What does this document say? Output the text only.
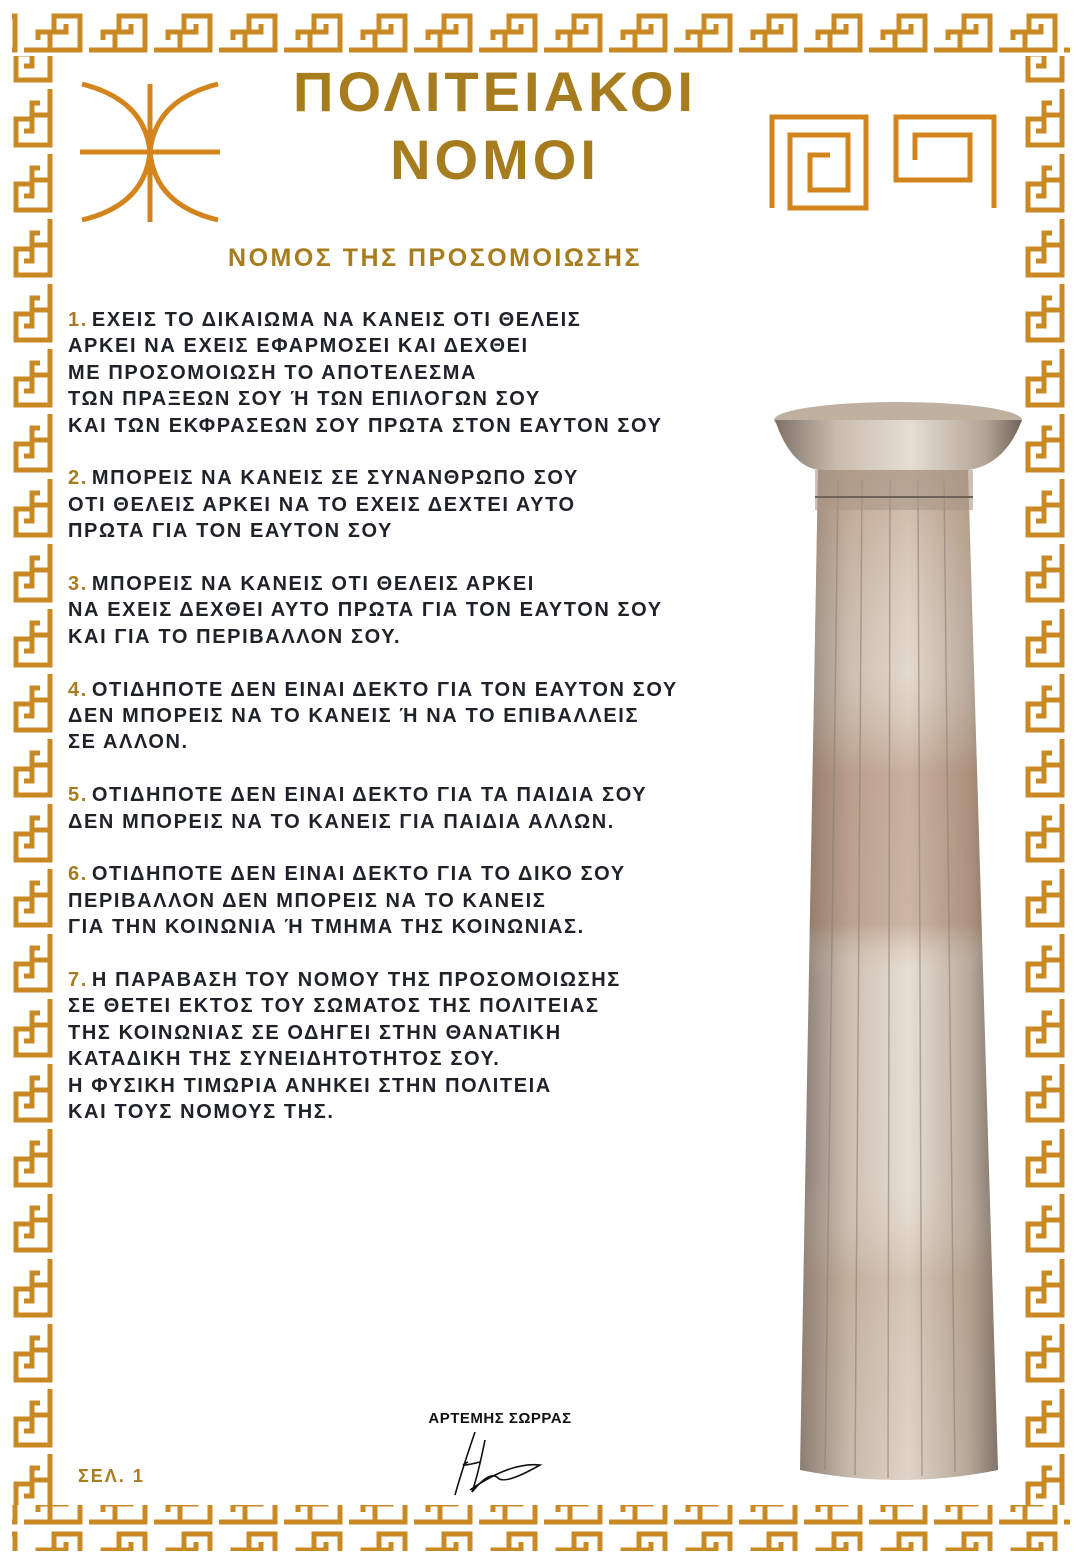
ΠΟΛΙΤΕΙΑΚΟΙ
ΝΟΜΟΙ
ΝΟΜΟΣ ΤΗΣ ΠΡΟΣΟΜΟΙΩΣΗΣ
1. ΕΧΕΙΣ ΤΟ ΔΙΚΑΙΩΜΑ ΝΑ ΚΑΝΕΙΣ ΟΤΙ ΘΕΛΕΙΣ
ΑΡΚΕΙ ΝΑ ΕΧΕΙΣ ΕΦΑΡΜΟΣΕΙ ΚΑΙ ΔΕΧΘΕΙ
ΜΕ ΠΡΟΣΟΜΟΙΩΣΗ ΤΟ ΑΠΟΤΕΛΕΣΜΑ
ΤΩΝ ΠΡΑΞΕΩΝ ΣΟΥ Ή ΤΩΝ ΕΠΙΛΟΓΩΝ ΣΟΥ
ΚΑΙ ΤΩΝ ΕΚΦΡΑΣΕΩΝ ΣΟΥ ΠΡΩΤΑ ΣΤΟΝ ΕΑΥΤΟΝ ΣΟΥ
2. ΜΠΟΡΕΙΣ ΝΑ ΚΑΝΕΙΣ ΣΕ ΣΥΝΑΝΘΡΩΠΟ ΣΟΥ
ΟΤΙ ΘΕΛΕΙΣ ΑΡΚΕΙ ΝΑ ΤΟ ΕΧΕΙΣ ΔΕΧΤΕΙ ΑΥΤΟ
ΠΡΩΤΑ ΓΙΑ ΤΟΝ ΕΑΥΤΟΝ ΣΟΥ
3. ΜΠΟΡΕΙΣ ΝΑ ΚΑΝΕΙΣ ΟΤΙ ΘΕΛΕΙΣ ΑΡΚΕΙ
ΝΑ ΕΧΕΙΣ ΔΕΧΘΕΙ ΑΥΤΟ ΠΡΩΤΑ ΓΙΑ ΤΟΝ ΕΑΥΤΟΝ ΣΟΥ
ΚΑΙ ΓΙΑ ΤΟ ΠΕΡΙΒΑΛΛΟΝ ΣΟΥ.
4. ΟΤΙΔΗΠΟΤΕ ΔΕΝ ΕΙΝΑΙ ΔΕΚΤΟ ΓΙΑ ΤΟΝ ΕΑΥΤΟΝ ΣΟΥ
ΔΕΝ ΜΠΟΡΕΙΣ ΝΑ ΤΟ ΚΑΝΕΙΣ Ή ΝΑ ΤΟ ΕΠΙΒΑΛΛΕΙΣ
ΣΕ ΑΛΛΟΝ.
5. ΟΤΙΔΗΠΟΤΕ ΔΕΝ ΕΙΝΑΙ ΔΕΚΤΟ ΓΙΑ ΤΑ ΠΑΙΔΙΑ ΣΟΥ
ΔΕΝ ΜΠΟΡΕΙΣ ΝΑ ΤΟ ΚΑΝΕΙΣ ΓΙΑ ΠΑΙΔΙΑ ΑΛΛΩΝ.
6. ΟΤΙΔΗΠΟΤΕ ΔΕΝ ΕΙΝΑΙ ΔΕΚΤΟ ΓΙΑ ΤΟ ΔΙΚΟ ΣΟΥ
ΠΕΡΙΒΑΛΛΟΝ ΔΕΝ ΜΠΟΡΕΙΣ ΝΑ ΤΟ ΚΑΝΕΙΣ
ΓΙΑ ΤΗΝ ΚΟΙΝΩΝΙΑ Ή ΤΜΗΜΑ ΤΗΣ ΚΟΙΝΩΝΙΑΣ.
7. Η ΠΑΡΑΒΑΣΗ ΤΟΥ ΝΟΜΟΥ ΤΗΣ ΠΡΟΣΟΜΟΙΩΣΗΣ
ΣΕ ΘΕΤΕΙ ΕΚΤΟΣ ΤΟΥ ΣΩΜΑΤΟΣ ΤΗΣ ΠΟΛΙΤΕΙΑΣ
ΤΗΣ ΚΟΙΝΩΝΙΑΣ ΣΕ ΟΔΗΓΕΙ ΣΤΗΝ ΘΑΝΑΤΙΚΗ
ΚΑΤΑΔΙΚΗ ΤΗΣ ΣΥΝΕΙΔΗΤΟΤΗΤΟΣ ΣΟΥ.
Η ΦΥΣΙΚΗ ΤΙΜΩΡΙΑ ΑΝΗΚΕΙ ΣΤΗΝ ΠΟΛΙΤΕΙΑ
ΚΑΙ ΤΟΥΣ ΝΟΜΟΥΣ ΤΗΣ.
ΑΡΤΕΜΗΣ ΣΩΡΡΑΣ
ΣΕΛ. 1
